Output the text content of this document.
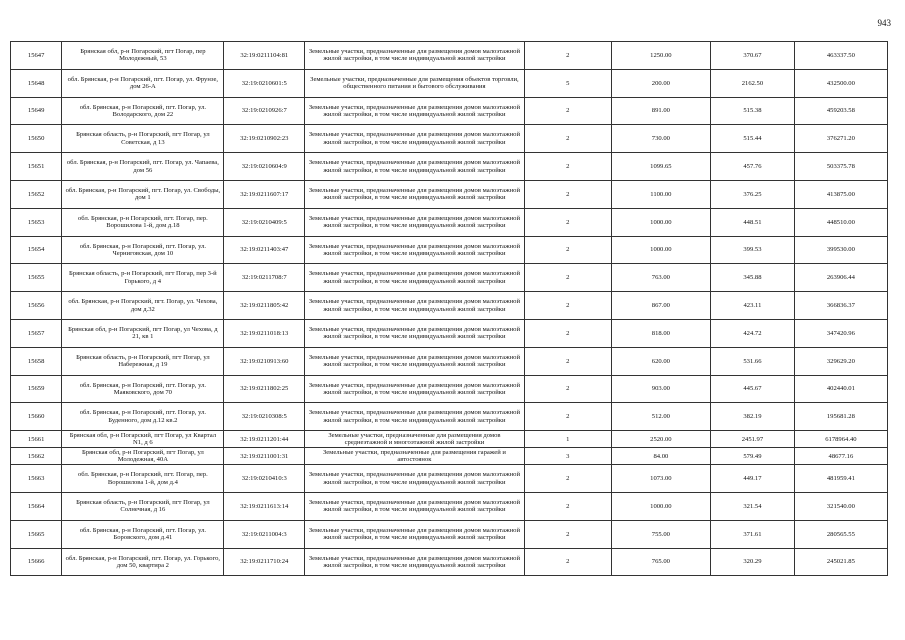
943
15647	Брянская обл, р-н Погарский, пгт Погар, пер Молодежный, 53	32:19:0211104:81	Земельные участки, предназначенные для размещения домов малоэтажной жилой застройки, в том числе индивидуальной жилой застройки	2	1250.00	370.67	463337.50
15648	обл. Брянская, р-н Погарский, пгт. Погар, ул. Фрунзе, дом 26-А	32:19:0210601:5	Земельные участки, предназначенные для размещения объектов торговли, общественного питания и бытового обслуживания	5	200.00	2162.50	432500.00
15649	обл. Брянская, р-н Погарский, пгт. Погар, ул. Володарского, дом 22	32:19:0210926:7	Земельные участки, предназначенные для размещения домов малоэтажной жилой застройки, в том числе индивидуальной жилой застройки	2	891.00	515.38	459203.58
15650	Брянская область, р-н Погарский, пгт Погар, ул Советская, д 13	32:19:0210902:23	Земельные участки, предназначенные для размещения домов малоэтажной жилой застройки, в том числе индивидуальной жилой застройки	2	730.00	515.44	376271.20
15651	обл. Брянская, р-н Погарский, пгт. Погар, ул. Чапаева, дом 56	32:19:0210604:9	Земельные участки, предназначенные для размещения домов малоэтажной жилой застройки, в том числе индивидуальной жилой застройки	2	1099.65	457.76	503375.78
15652	обл. Брянская, р-н Погарский, пгт. Погар, ул. Свободы, дом 1	32:19:0211607:17	Земельные участки, предназначенные для размещения домов малоэтажной жилой застройки, в том числе индивидуальной жилой застройки	2	1100.00	376.25	413875.00
15653	обл. Брянская, р-н Погарский, пгт. Погар, пер. Ворошилова 1-й, дом д.18	32:19:0210409:5	Земельные участки, предназначенные для размещения домов малоэтажной жилой застройки, в том числе индивидуальной жилой застройки	2	1000.00	448.51	448510.00
15654	обл. Брянская, р-н Погарский, пгт. Погар, ул. Черниговская, дом 10	32:19:0211403:47	Земельные участки, предназначенные для размещения домов малоэтажной жилой застройки, в том числе индивидуальной жилой застройки	2	1000.00	399.53	399530.00
15655	Брянская область, р-н Погарский, пгт Погар, пер 3-й Горького, д 4	32:19:0211708:7	Земельные участки, предназначенные для размещения домов малоэтажной жилой застройки, в том числе индивидуальной жилой застройки	2	763.00	345.88	263906.44
15656	обл. Брянская, р-н Погарский, пгт. Погар, ул. Чехова, дом д.32	32:19:0211805:42	Земельные участки, предназначенные для размещения домов малоэтажной жилой застройки, в том числе индивидуальной жилой застройки	2	867.00	423.11	366836.37
15657	Брянская обл, р-н Погарский, пгт Погар, ул Чехова, д 21, кв 1	32:19:0211018:13	Земельные участки, предназначенные для размещения домов малоэтажной жилой застройки, в том числе индивидуальной жилой застройки	2	818.00	424.72	347420.96
15658	Брянская область, р-н Погарский, пгт Погар, ул Набережная, д 19	32:19:0210913:60	Земельные участки, предназначенные для размещения домов малоэтажной жилой застройки, в том числе индивидуальной жилой застройки	2	620.00	531.66	329629.20
15659	обл. Брянская, р-н Погарский, пгт. Погар, ул. Маяковского, дом 70	32:19:0211802:25	Земельные участки, предназначенные для размещения домов малоэтажной жилой застройки, в том числе индивидуальной жилой застройки	2	903.00	445.67	402440.01
15660	обл. Брянская, р-н Погарский, пгт. Погар, ул. Буденного, дом д.12 кв.2	32:19:0210308:5	Земельные участки, предназначенные для размещения домов малоэтажной жилой застройки, в том числе индивидуальной жилой застройки	2	512.00	382.19	195681.28
15661	Брянская обл, р-н Погарский, пгт Погар, ул Квартал N1, д 6	32:19:0211201:44	Земельные участки, предназначенные для размещения домов среднеэтажной и многоэтажной жилой застройки	1	2520.00	2451.97	6178964.40
15662	Брянская обл, р-н Погарский, пгт Погар, ул Молодежная, 40А	32:19:0211001:31	Земельные участки, предназначенные для размещения гаражей и автостоянок	3	84.00	579.49	48677.16
15663	обл. Брянская, р-н Погарский, пгт. Погар, пер. Ворошилова 1-й, дом д.4	32:19:0210410:3	Земельные участки, предназначенные для размещения домов малоэтажной жилой застройки, в том числе индивидуальной жилой застройки	2	1073.00	449.17	481959.41
15664	Брянская область, р-н Погарский, пгт Погар, ул Солнечная, д 16	32:19:0211613:14	Земельные участки, предназначенные для размещения домов малоэтажной жилой застройки, в том числе индивидуальной жилой застройки	2	1000.00	321.54	321540.00
15665	обл. Брянская, р-н Погарский, пгт. Погар, ул. Боровского, дом д.41	32:19:0211004:3	Земельные участки, предназначенные для размещения домов малоэтажной жилой застройки, в том числе индивидуальной жилой застройки	2	755.00	371.61	280565.55
15666	обл. Брянская, р-н Погарский, пгт. Погар, ул. Горького, дом 50, квартира 2	32:19:0211710:24	Земельные участки, предназначенные для размещения домов малоэтажной жилой застройки, в том числе индивидуальной жилой застройки	2	765.00	320.29	245021.85
